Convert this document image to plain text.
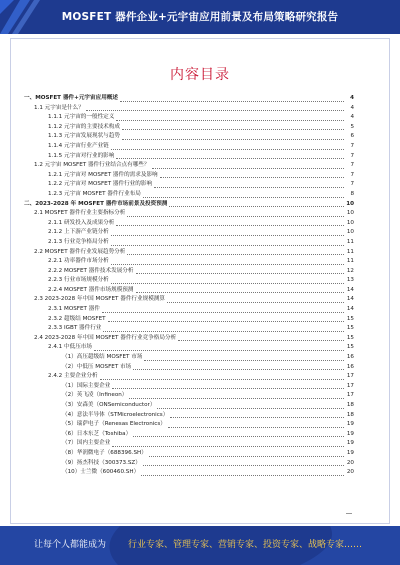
MOSFET 器件企业+元宇宙应用前景及布局策略研究报告
内容目录
一、MOSFET 器件+元宇宙应用概述	4
1.1 元宇宙是什么？	4
1.1.1 元宇宙的一般性定义	4
1.1.2 元宇宙的主要技术构成	5
1.1.3 元宇宙发展现状与趋势	6
1.1.4 元宇宙行业产业链	7
1.1.5 元宇宙对行业的影响	7
1.2 元宇宙 MOSFET 器件行业结合点有哪些？	7
1.2.1 元宇宙对 MOSFET 器件的需求及影响	7
1.2.2 元宇宙对 MOSFET 器件行业的影响	7
1.2.3 元宇宙 MOSFET 器件行业布局	8
二、2023-2028 年 MOSFET 器件市场前景及投资预测	10
2.1 MOSFET 器件行业主要指标分析	10
2.1.1 研发投入及成果分析	10
2.1.2 上下游产业链分析	10
2.1.3 行业竞争格局分析	11
2.2 MOSFET 器件行业发展趋势分析	11
2.2.1 功率器件市场分析	11
2.2.2 MOSFET 器件技术发展分析	12
2.2.3 行业市场规模分析	13
2.2.4 MOSFET 器件市场规模预测	14
2.3 2023-2028 年中国 MOSFET 器件行业规模测算	14
2.3.1 MOSFET 器件	14
2.3.2 超级结 MOSFET	15
2.3.3 IGBT 器件行业	15
2.4 2023-2028 年中国 MOSFET 器件行业竞争格局分析	15
2.4.1 中低压市场	15
（1）高压超级结 MOSFET 市场	16
（2）中低压 MOSFET 市场	16
2.4.2 主要企业分析	17
（1）国际主要企业	17
（2）英飞凌（Infineon）	17
（3）安森美（ONSemiconductor）	18
（4）意法半导体（STMicroelectronics）	18
（5）瑞萨电子（Renesas Electronics）	19
（6）日本东芝（Toshiba）	19
（7）国内主要企业	19
（8）华润微电子（688396.SH）	19
（9）扬杰科技（300373.SZ）	20
（10）士兰微（600460.SH）	20
让每个人都能成为 行业专家、管理专家、营销专家、投资专家、战略专家……
